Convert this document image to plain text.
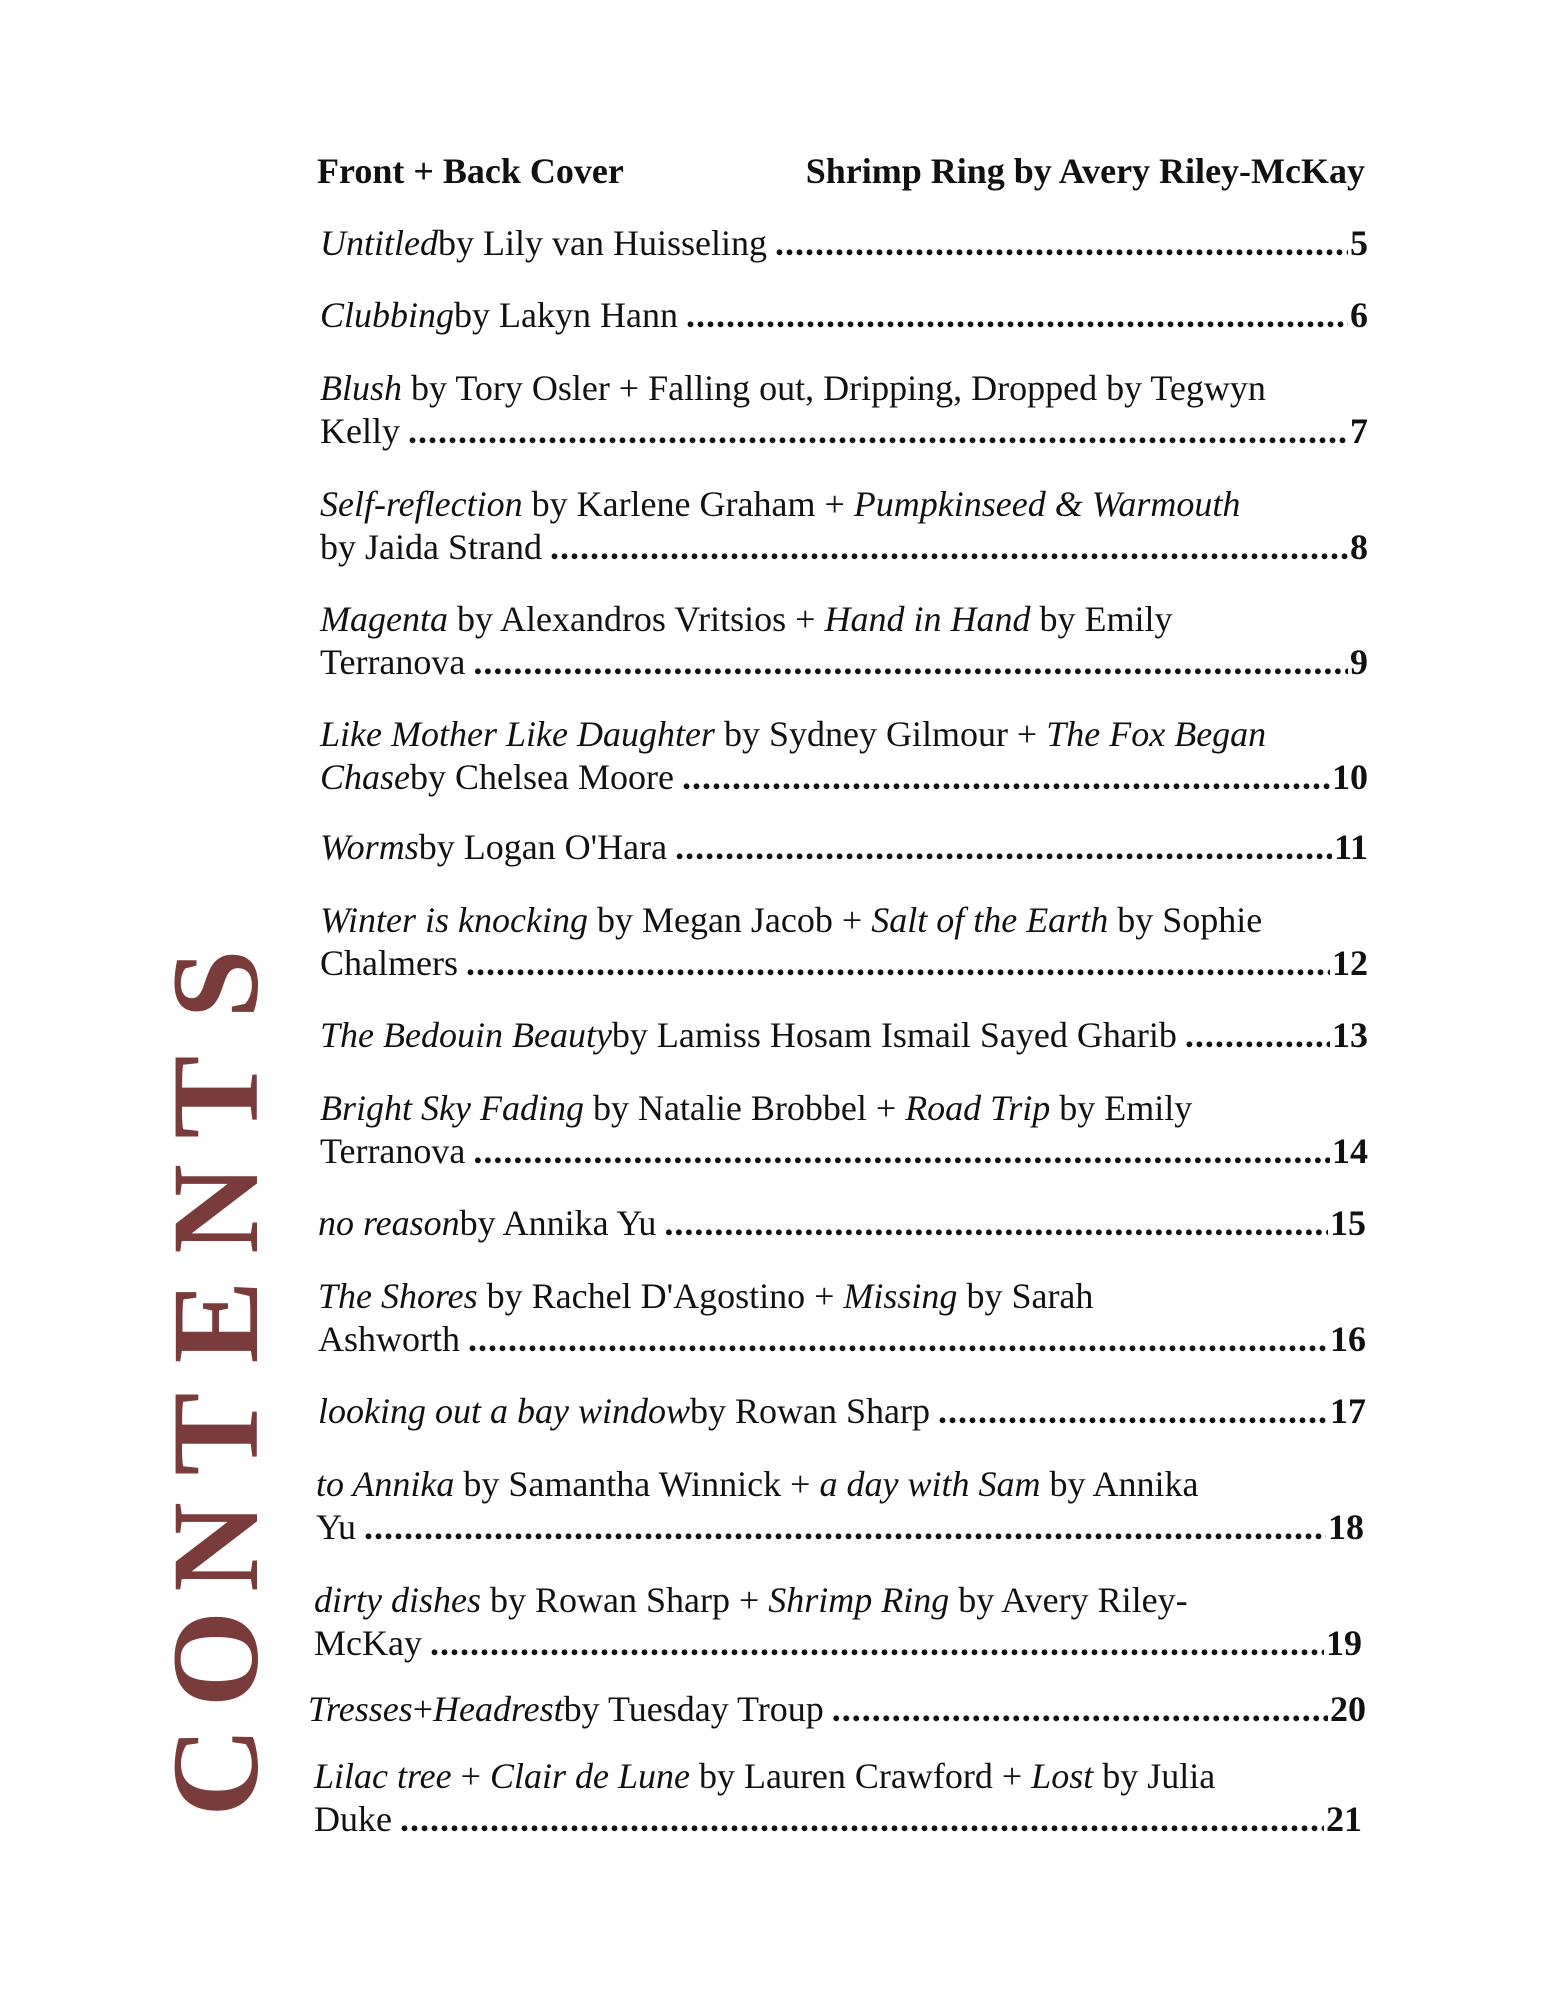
C
O
N
T
E
N
T
S
Front + Back Cover	Shrimp Ring by Avery Riley-McKay
Untitled by Lily van Huisseling .....	5
Clubbing by Lakyn Hann .....	6
Blush by Tory Osler + Falling out, Dripping, Dropped by Tegwyn
Kelly .....	7
Self-reflection by Karlene Graham + Pumpkinseed & Warmouth
by Jaida Strand .....	8
Magenta by Alexandros Vritsios + Hand in Hand by Emily
Terranova .....	9
Like Mother Like Daughter by Sydney Gilmour + The Fox Began
Chase by Chelsea Moore .....	10
Worms by Logan O'Hara .....	11
Winter is knocking by Megan Jacob + Salt of the Earth by Sophie
Chalmers .....	12
The Bedouin Beauty by Lamiss Hosam Ismail Sayed Gharib .....	13
Bright Sky Fading by Natalie Brobbel + Road Trip by Emily
Terranova .....	14
no reason by Annika Yu .....	15
The Shores by Rachel D'Agostino + Missing by Sarah
Ashworth .....	16
looking out a bay window by Rowan Sharp .....	17
to Annika by Samantha Winnick + a day with Sam by Annika
Yu .....	18
dirty dishes by Rowan Sharp + Shrimp Ring by Avery Riley-
McKay .....	19
Tresses + Headrest by Tuesday Troup .....	20
Lilac tree + Clair de Lune by Lauren Crawford + Lost by Julia
Duke .....	21
